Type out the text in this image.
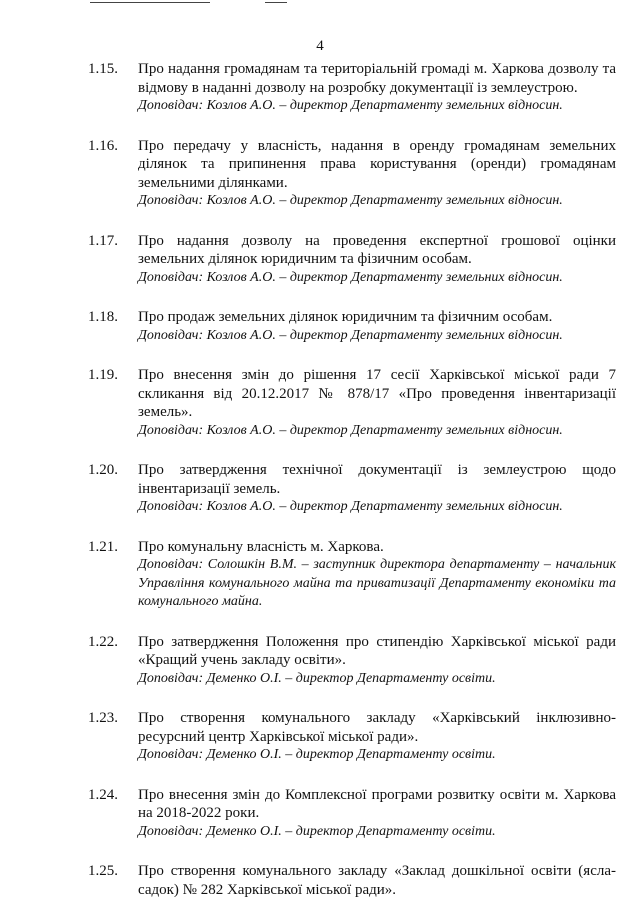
4
1.15.	Про надання громадянам та територіальній громаді м. Харкова дозволу та відмову в наданні дозволу на розробку документації із землеустрою.

Доповідач: Козлов А.О. – директор Департаменту земельних відносин.

1.16.	Про передачу у власність, надання в оренду громадянам земельних ділянок та припинення права користування (оренди) громадянам земельними ділянками.

Доповідач: Козлов А.О. – директор Департаменту земельних відносин.

1.17.	Про надання дозволу на проведення експертної грошової оцінки земельних ділянок юридичним та фізичним особам.

Доповідач: Козлов А.О. – директор Департаменту земельних відносин.

1.18.	Про продаж земельних ділянок юридичним та фізичним особам.

Доповідач: Козлов А.О. – директор Департаменту земельних відносин.

1.19.	Про внесення змін до рішення 17 сесії Харківської міської ради 7 скликання від 20.12.2017 № 878/17 «Про проведення інвентаризації земель».

Доповідач: Козлов А.О. – директор Департаменту земельних відносин.

1.20.	Про затвердження технічної документації із землеустрою щодо інвентаризації земель.

Доповідач: Козлов А.О. – директор Департаменту земельних відносин.

1.21.	Про комунальну власність м. Харкова.

Доповідач: Солошкін В.М. – заступник директора департаменту – начальник Управління комунального майна та приватизації Департаменту економіки та комунального майна.

1.22.	Про затвердження Положення про стипендію Харківської міської ради «Кращий учень закладу освіти».

Доповідач: Деменко О.І. – директор Департаменту освіти.

1.23.	Про створення комунального закладу «Харківський інклюзивно-ресурсний центр Харківської міської ради».

Доповідач: Деменко О.І. – директор Департаменту освіти.

1.24.	Про внесення змін до Комплексної програми розвитку освіти м. Харкова на 2018-2022 роки.

Доповідач: Деменко О.І. – директор Департаменту освіти.

1.25.	Про створення комунального закладу «Заклад дошкільної освіти (ясла-садок) № 282 Харківської міської ради».
